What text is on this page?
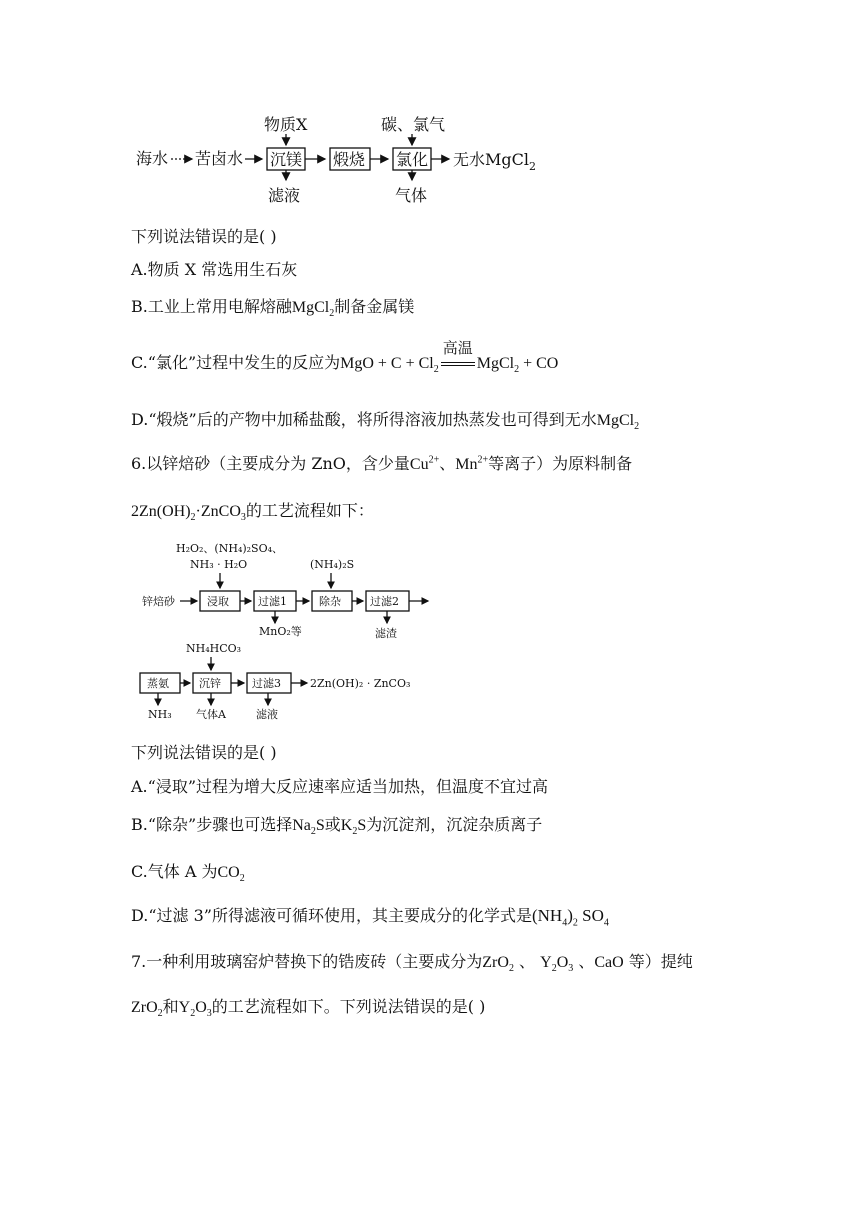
海水 苦卤水 沉镁 煅烧 氯化 无水MgCl$_2$
物质X
滤液
碳、氯气
气体
下列说法错误的是( )
A.物质 X 常选用生石灰
B.工业上常用电解熔融MgCl$_2$制备金属镁
C.“氯化”过程中发生的反应为MgO + $C + Cl_2$
高温
MgCl$_2$ + CO
D.“煅烧”后的产物中加稀盐酸，将所得溶液加热蒸发也可得到无水MgCl$_2$
6.以锌焙砂（主要成分为 ZnO，含少量$Cu^{2+}$、$Mn^{2+}$等离子）为原料制备
$2Zn(OH)_2\cdot ZnCO_3$的工艺流程如下：
H₂O₂、(NH₄)₂SO₄、
NH₃ · H₂O	(NH₄)₂S
锌焙砂	浸取	过滤1
MnO₂等
除杂	过滤2
滤渣
NH₄HCO₃
蒸氨
NH₃
沉锌
气体A
过滤3
滤液
2Zn(OH)₂ · ZnCO₃
下列说法错误的是( )
A.“浸取”过程为增大反应速率应适当加热，但温度不宜过高
B.“除杂”步骤也可选择$Na_2S$或$K_2S$为沉淀剂，沉淀杂质离子
C.气体 A 为$CO_2$
D.“过滤 3”所得滤液可循环使用，其主要成分的化学式是$(NH_4)_2$ $SO_4$
7.一种利用玻璃窑炉替换下的锆废砖（主要成分为ZrO$_2$ 、 $Y_2O_3$ 、CaO 等）提纯
ZrO$_2$和$Y_2O_3$的工艺流程如下。下列说法错误的是( )
